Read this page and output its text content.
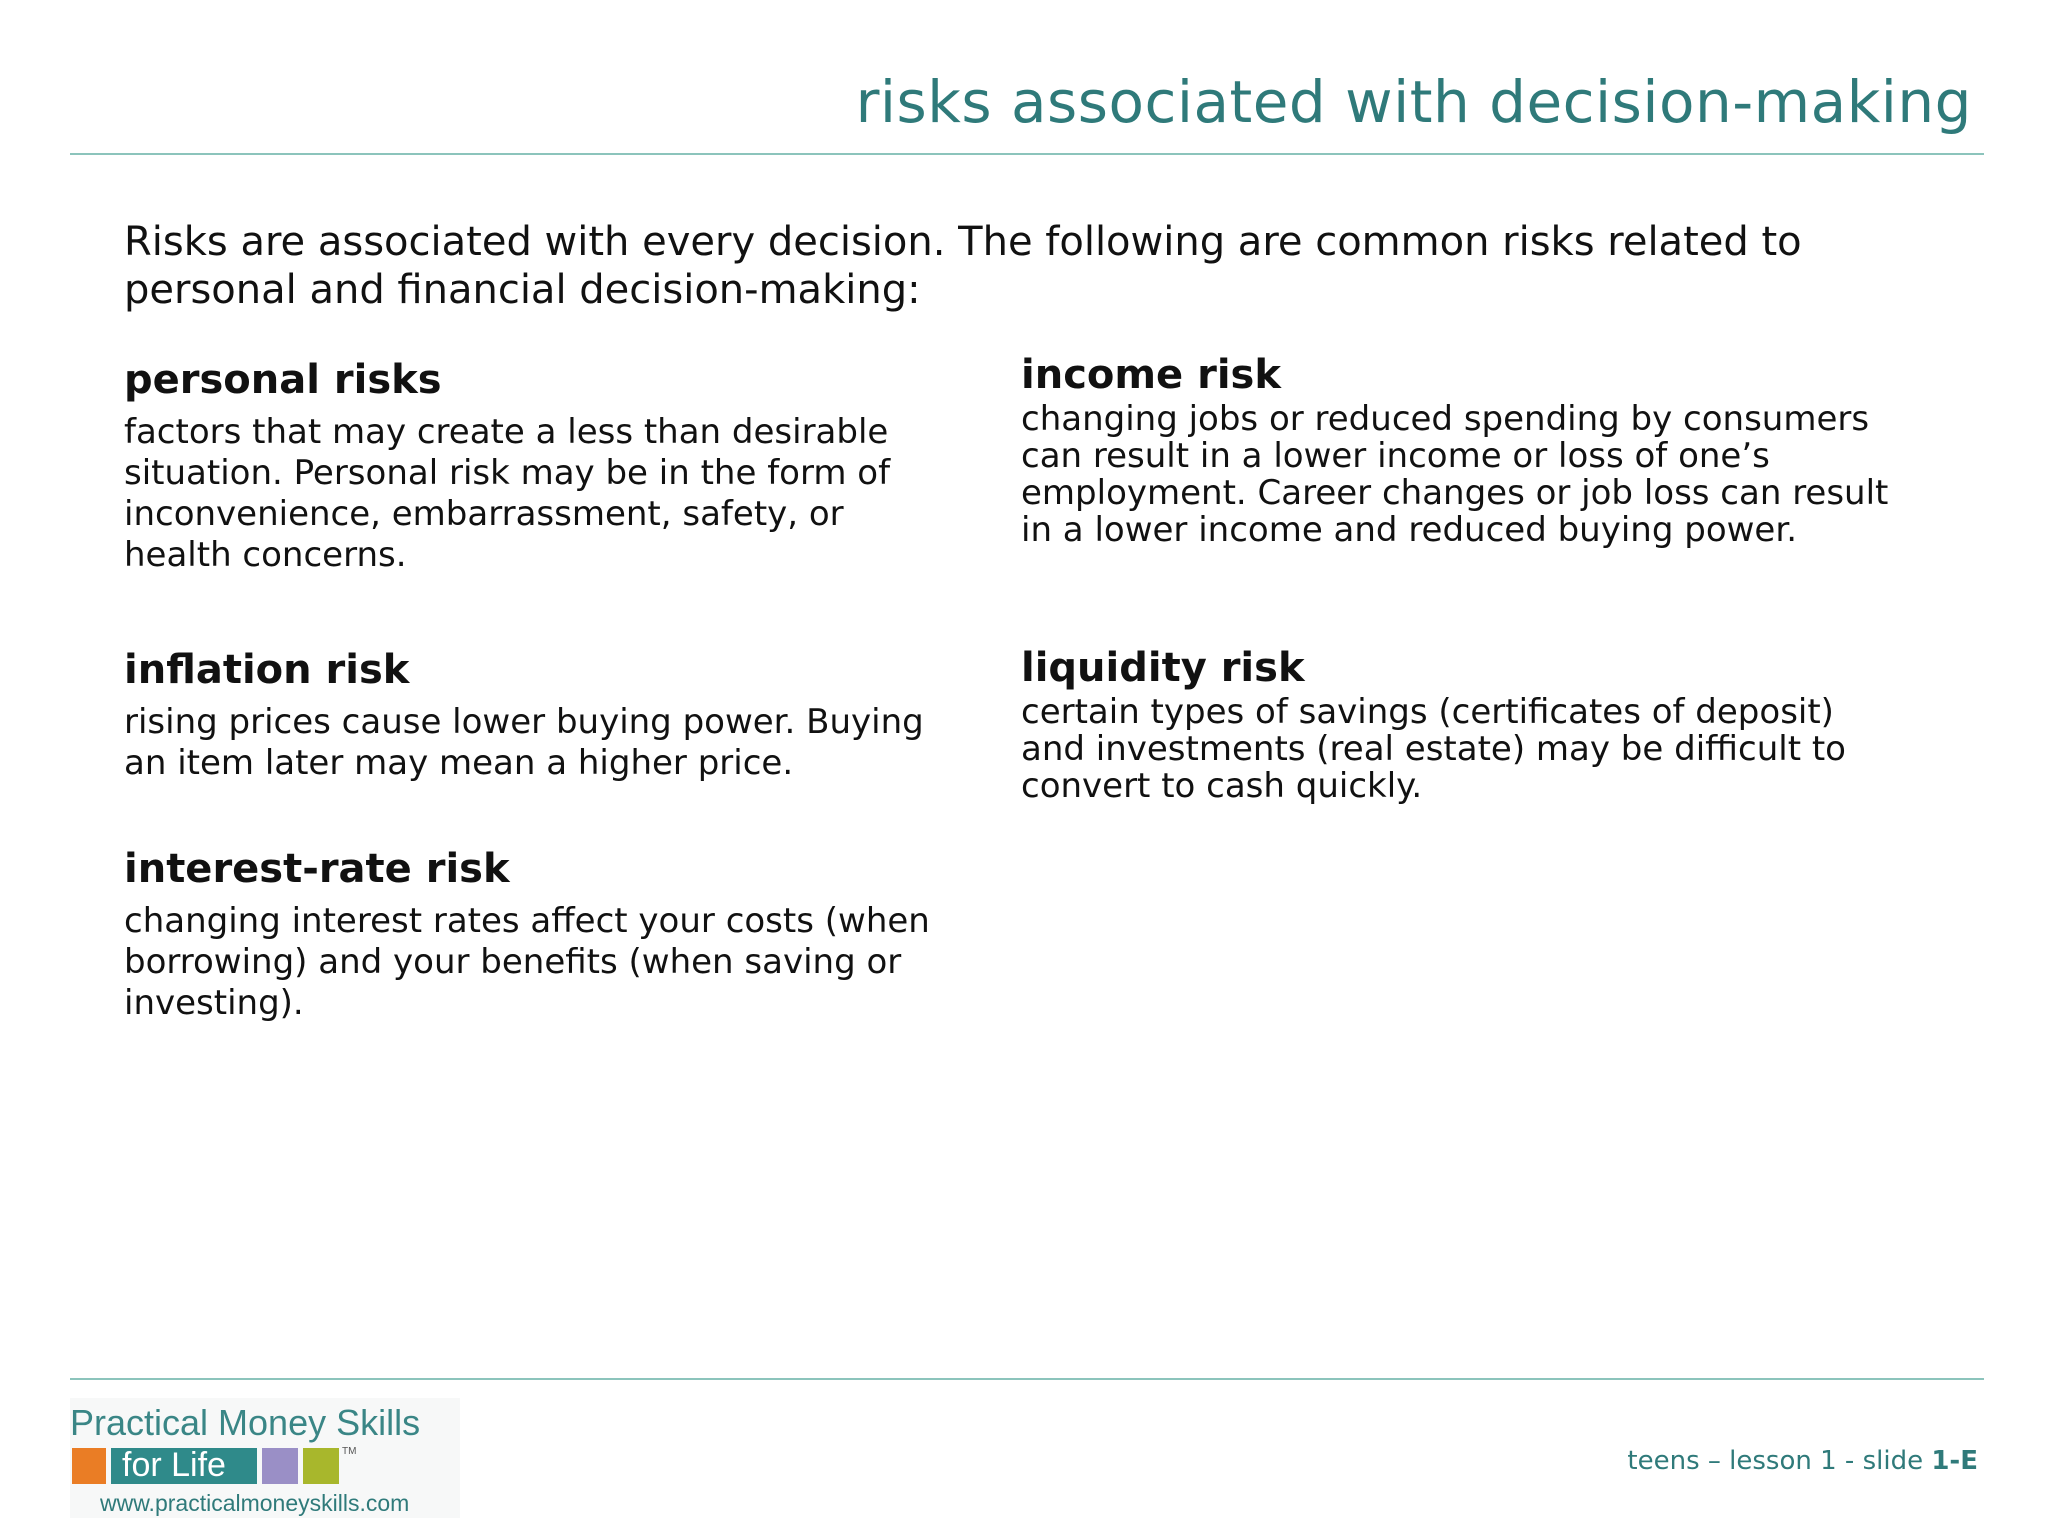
risks associated with decision-making
Risks are associated with every decision. The following are common risks related to personal and financial decision-making:
personal risks

factors that may create a less than desirable situation. Personal risk may be in the form of inconvenience, embarrassment, safety, or health concerns.

inflation risk

rising prices cause lower buying power. Buying an item later may mean a higher price.

interest-rate risk

changing interest rates affect your costs (when borrowing) and your benefits (when saving or investing).

income risk

changing jobs or reduced spending by consumers can result in a lower income or loss of one’s employment. Career changes or job loss can result in a lower income and reduced buying power.

liquidity risk

certain types of savings (certificates of deposit) and investments (real estate) may be difficult to convert to cash quickly.

Practical Money Skills
for Life	TM
www.practicalmoneyskills.com
teens – lesson 1 - slide 1-E
